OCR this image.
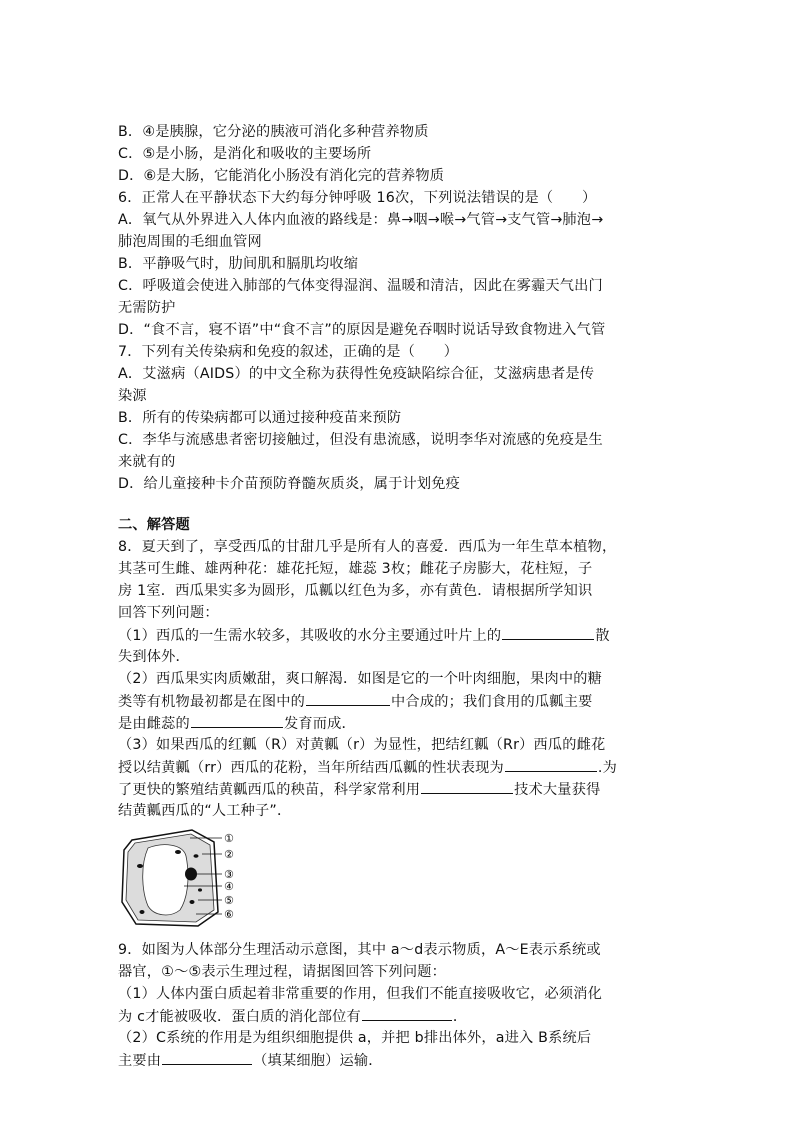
B．④是胰腺，它分泌的胰液可消化多种营养物质
C．⑤是小肠，是消化和吸收的主要场所
D．⑥是大肠，它能消化小肠没有消化完的营养物质
6．正常人在平静状态下大约每分钟呼吸 16次，下列说法错误的是（　　）
A．氧气从外界进入人体内血液的路线是：鼻→咽→喉→气管→支气管→肺泡→
肺泡周围的毛细血管网
B．平静吸气时，肋间肌和膈肌均收缩
C．呼吸道会使进入肺部的气体变得湿润、温暖和清洁，因此在雾霾天气出门
无需防护
D．“食不言，寝不语”中“食不言”的原因是避免吞咽时说话导致食物进入气管
7．下列有关传染病和免疫的叙述，正确的是（　　）
A．艾滋病（AIDS）的中文全称为获得性免疫缺陷综合征，艾滋病患者是传
染源
B．所有的传染病都可以通过接种疫苗来预防
C．李华与流感患者密切接触过，但没有患流感，说明李华对流感的免疫是生
来就有的
D．给儿童接种卡介苗预防脊髓灰质炎，属于计划免疫
二、解答题
8．夏天到了，享受西瓜的甘甜几乎是所有人的喜爱．西瓜为一年生草本植物，
其茎可生雌、雄两种花：雄花托短，雄蕊 3枚；雌花子房膨大，花柱短，子
房 1室．西瓜果实多为圆形，瓜瓤以红色为多，亦有黄色．请根据所学知识
回答下列问题：
（1）西瓜的一生需水较多，其吸收的水分主要通过叶片上的	散
失到体外．
（2）西瓜果实肉质嫩甜，爽口解渴．如图是它的一个叶肉细胞，果肉中的糖
类等有机物最初都是在图中的	中合成的；我们食用的瓜瓤主要
是由雌蕊的	发育而成．
（3）如果西瓜的红瓤（R）对黄瓤（r）为显性，把结红瓤（Rr）西瓜的雌花
授以结黄瓤（rr）西瓜的花粉，当年所结西瓜瓤的性状表现为	.为
了更快的繁殖结黄瓤西瓜的秧苗，科学家常利用	技术大量获得
结黄瓤西瓜的“人工种子”．
①
②
③
④
⑤
⑥
9．如图为人体部分生理活动示意图，其中 a～d表示物质，A～E表示系统或
器官，①～⑤表示生理过程，请据图回答下列问题：
（1）人体内蛋白质起着非常重要的作用，但我们不能直接吸收它，必须消化
为 c才能被吸收．蛋白质的消化部位有	．
（2）C系统的作用是为组织细胞提供 a，并把 b排出体外，a进入 B系统后
主要由	（填某细胞）运输．
